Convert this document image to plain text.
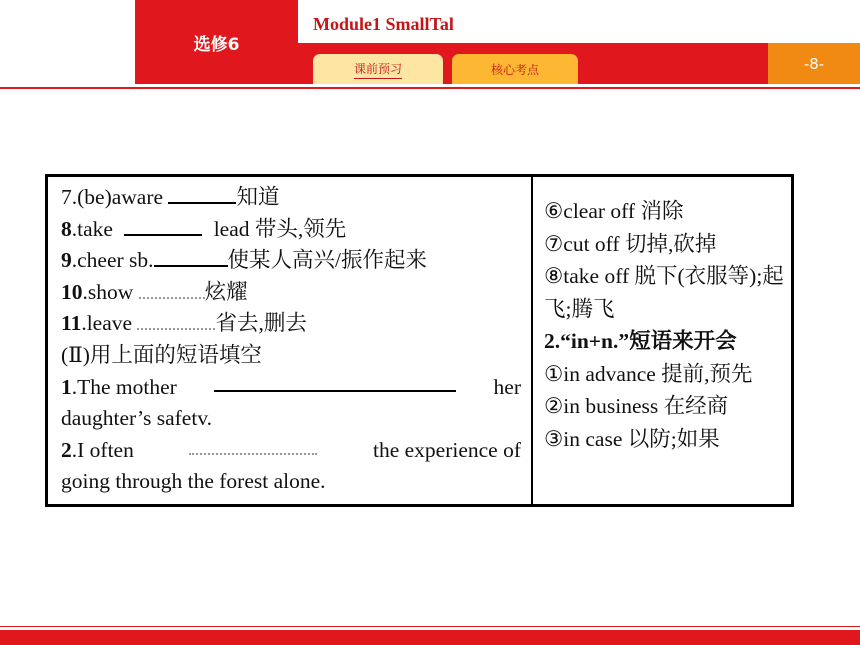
选修6
Module1 SmallTal
-8-
课前预习	核心考点
7.(be)aware	知道
8.take	lead 带头,领先
9.cheer sb.	使某人高兴/振作起来
10.show	炫耀
11.leave	省去,删去
(Ⅱ)用上面的短语填空
1.The mother	her
daughter’s safetv.
2.I often	the experience of
going through the forest alone.
⑥clear off 消除
⑦cut off 切掉,砍掉
⑧take off 脱下(衣服等);起飞;腾飞
2.“in+n.”短语来开会
①in advance 提前,预先
②in business 在经商
③in case 以防;如果
